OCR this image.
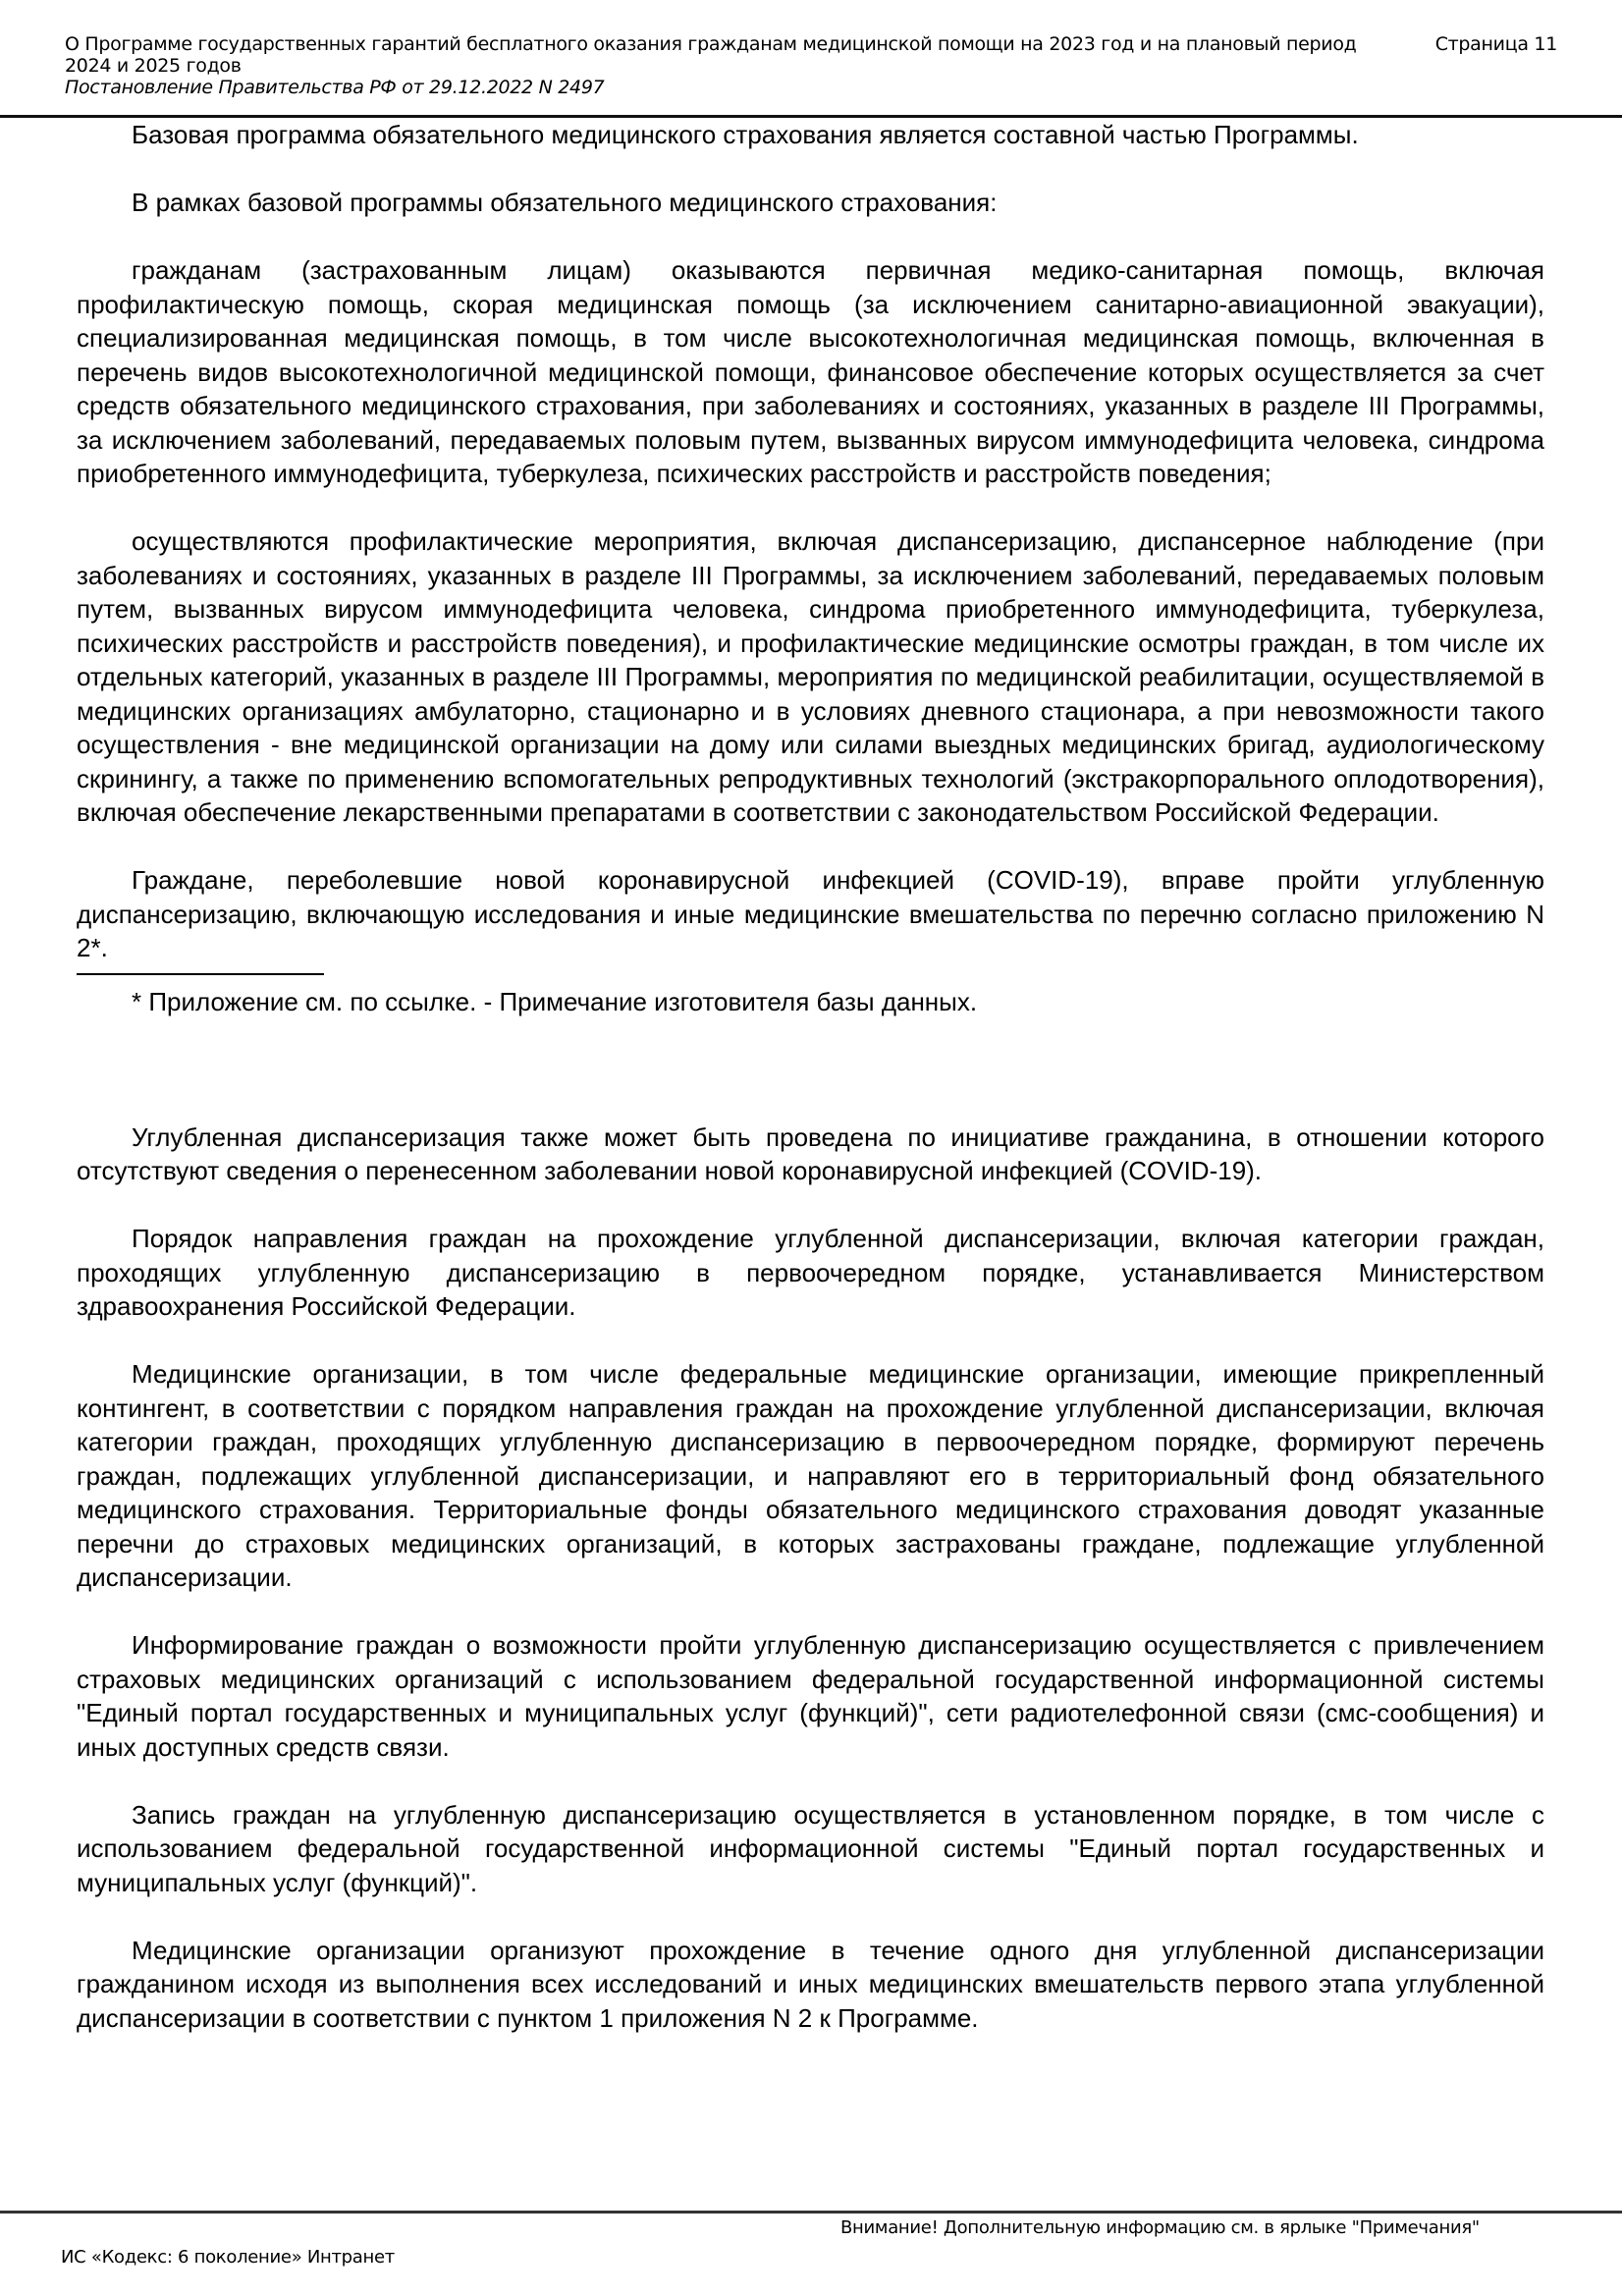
О Программе государственных гарантий бесплатного оказания гражданам медицинской помощи на 2023 год и на плановый период 2024 и 2025 годов
Постановление Правительства РФ от 29.12.2022 N 2497
Страница 11

Базовая программа обязательного медицинского страхования является составной частью Программы.

В рамках базовой программы обязательного медицинского страхования:

гражданам (застрахованным лицам) оказываются первичная медико-санитарная помощь, включая профилактическую помощь, скорая медицинская помощь (за исключением санитарно-авиационной эвакуации), специализированная медицинская помощь, в том числе высокотехнологичная медицинская помощь, включенная в перечень видов высокотехнологичной медицинской помощи, финансовое обеспечение которых осуществляется за счет средств обязательного медицинского страхования, при заболеваниях и состояниях, указанных в разделе III Программы, за исключением заболеваний, передаваемых половым путем, вызванных вирусом иммунодефицита человека, синдрома приобретенного иммунодефицита, туберкулеза, психических расстройств и расстройств поведения;

осуществляются профилактические мероприятия, включая диспансеризацию, диспансерное наблюдение (при заболеваниях и состояниях, указанных в разделе III Программы, за исключением заболеваний, передаваемых половым путем, вызванных вирусом иммунодефицита человека, синдрома приобретенного иммунодефицита, туберкулеза, психических расстройств и расстройств поведения), и профилактические медицинские осмотры граждан, в том числе их отдельных категорий, указанных в разделе III Программы, мероприятия по медицинской реабилитации, осуществляемой в медицинских организациях амбулаторно, стационарно и в условиях дневного стационара, а при невозможности такого осуществления - вне медицинской организации на дому или силами выездных медицинских бригад, аудиологическому скринингу, а также по применению вспомогательных репродуктивных технологий (экстракорпорального оплодотворения), включая обеспечение лекарственными препаратами в соответствии с законодательством Российской Федерации.

Граждане, переболевшие новой коронавирусной инфекцией (COVID-19), вправе пройти углубленную диспансеризацию, включающую исследования и иные медицинские вмешательства по перечню согласно приложению N 2*.

* Приложение см. по ссылке. - Примечание изготовителя базы данных.

Углубленная диспансеризация также может быть проведена по инициативе гражданина, в отношении которого отсутствуют сведения о перенесенном заболевании новой коронавирусной инфекцией (COVID-19).

Порядок направления граждан на прохождение углубленной диспансеризации, включая категории граждан, проходящих углубленную диспансеризацию в первоочередном порядке, устанавливается Министерством здравоохранения Российской Федерации.

Медицинские организации, в том числе федеральные медицинские организации, имеющие прикрепленный контингент, в соответствии с порядком направления граждан на прохождение углубленной диспансеризации, включая категории граждан, проходящих углубленную диспансеризацию в первоочередном порядке, формируют перечень граждан, подлежащих углубленной диспансеризации, и направляют его в территориальный фонд обязательного медицинского страхования. Территориальные фонды обязательного медицинского страхования доводят указанные перечни до страховых медицинских организаций, в которых застрахованы граждане, подлежащие углубленной диспансеризации.

Информирование граждан о возможности пройти углубленную диспансеризацию осуществляется с привлечением страховых медицинских организаций с использованием федеральной государственной информационной системы "Единый портал государственных и муниципальных услуг (функций)", сети радиотелефонной связи (смс-сообщения) и иных доступных средств связи.

Запись граждан на углубленную диспансеризацию осуществляется в установленном порядке, в том числе с использованием федеральной государственной информационной системы "Единый портал государственных и муниципальных услуг (функций)".

Медицинские организации организуют прохождение в течение одного дня углубленной диспансеризации гражданином исходя из выполнения всех исследований и иных медицинских вмешательств первого этапа углубленной диспансеризации в соответствии с пунктом 1 приложения N 2 к Программе.

Внимание! Дополнительную информацию см. в ярлыке "Примечания"
ИС «Кодекс: 6 поколение» Интранет
